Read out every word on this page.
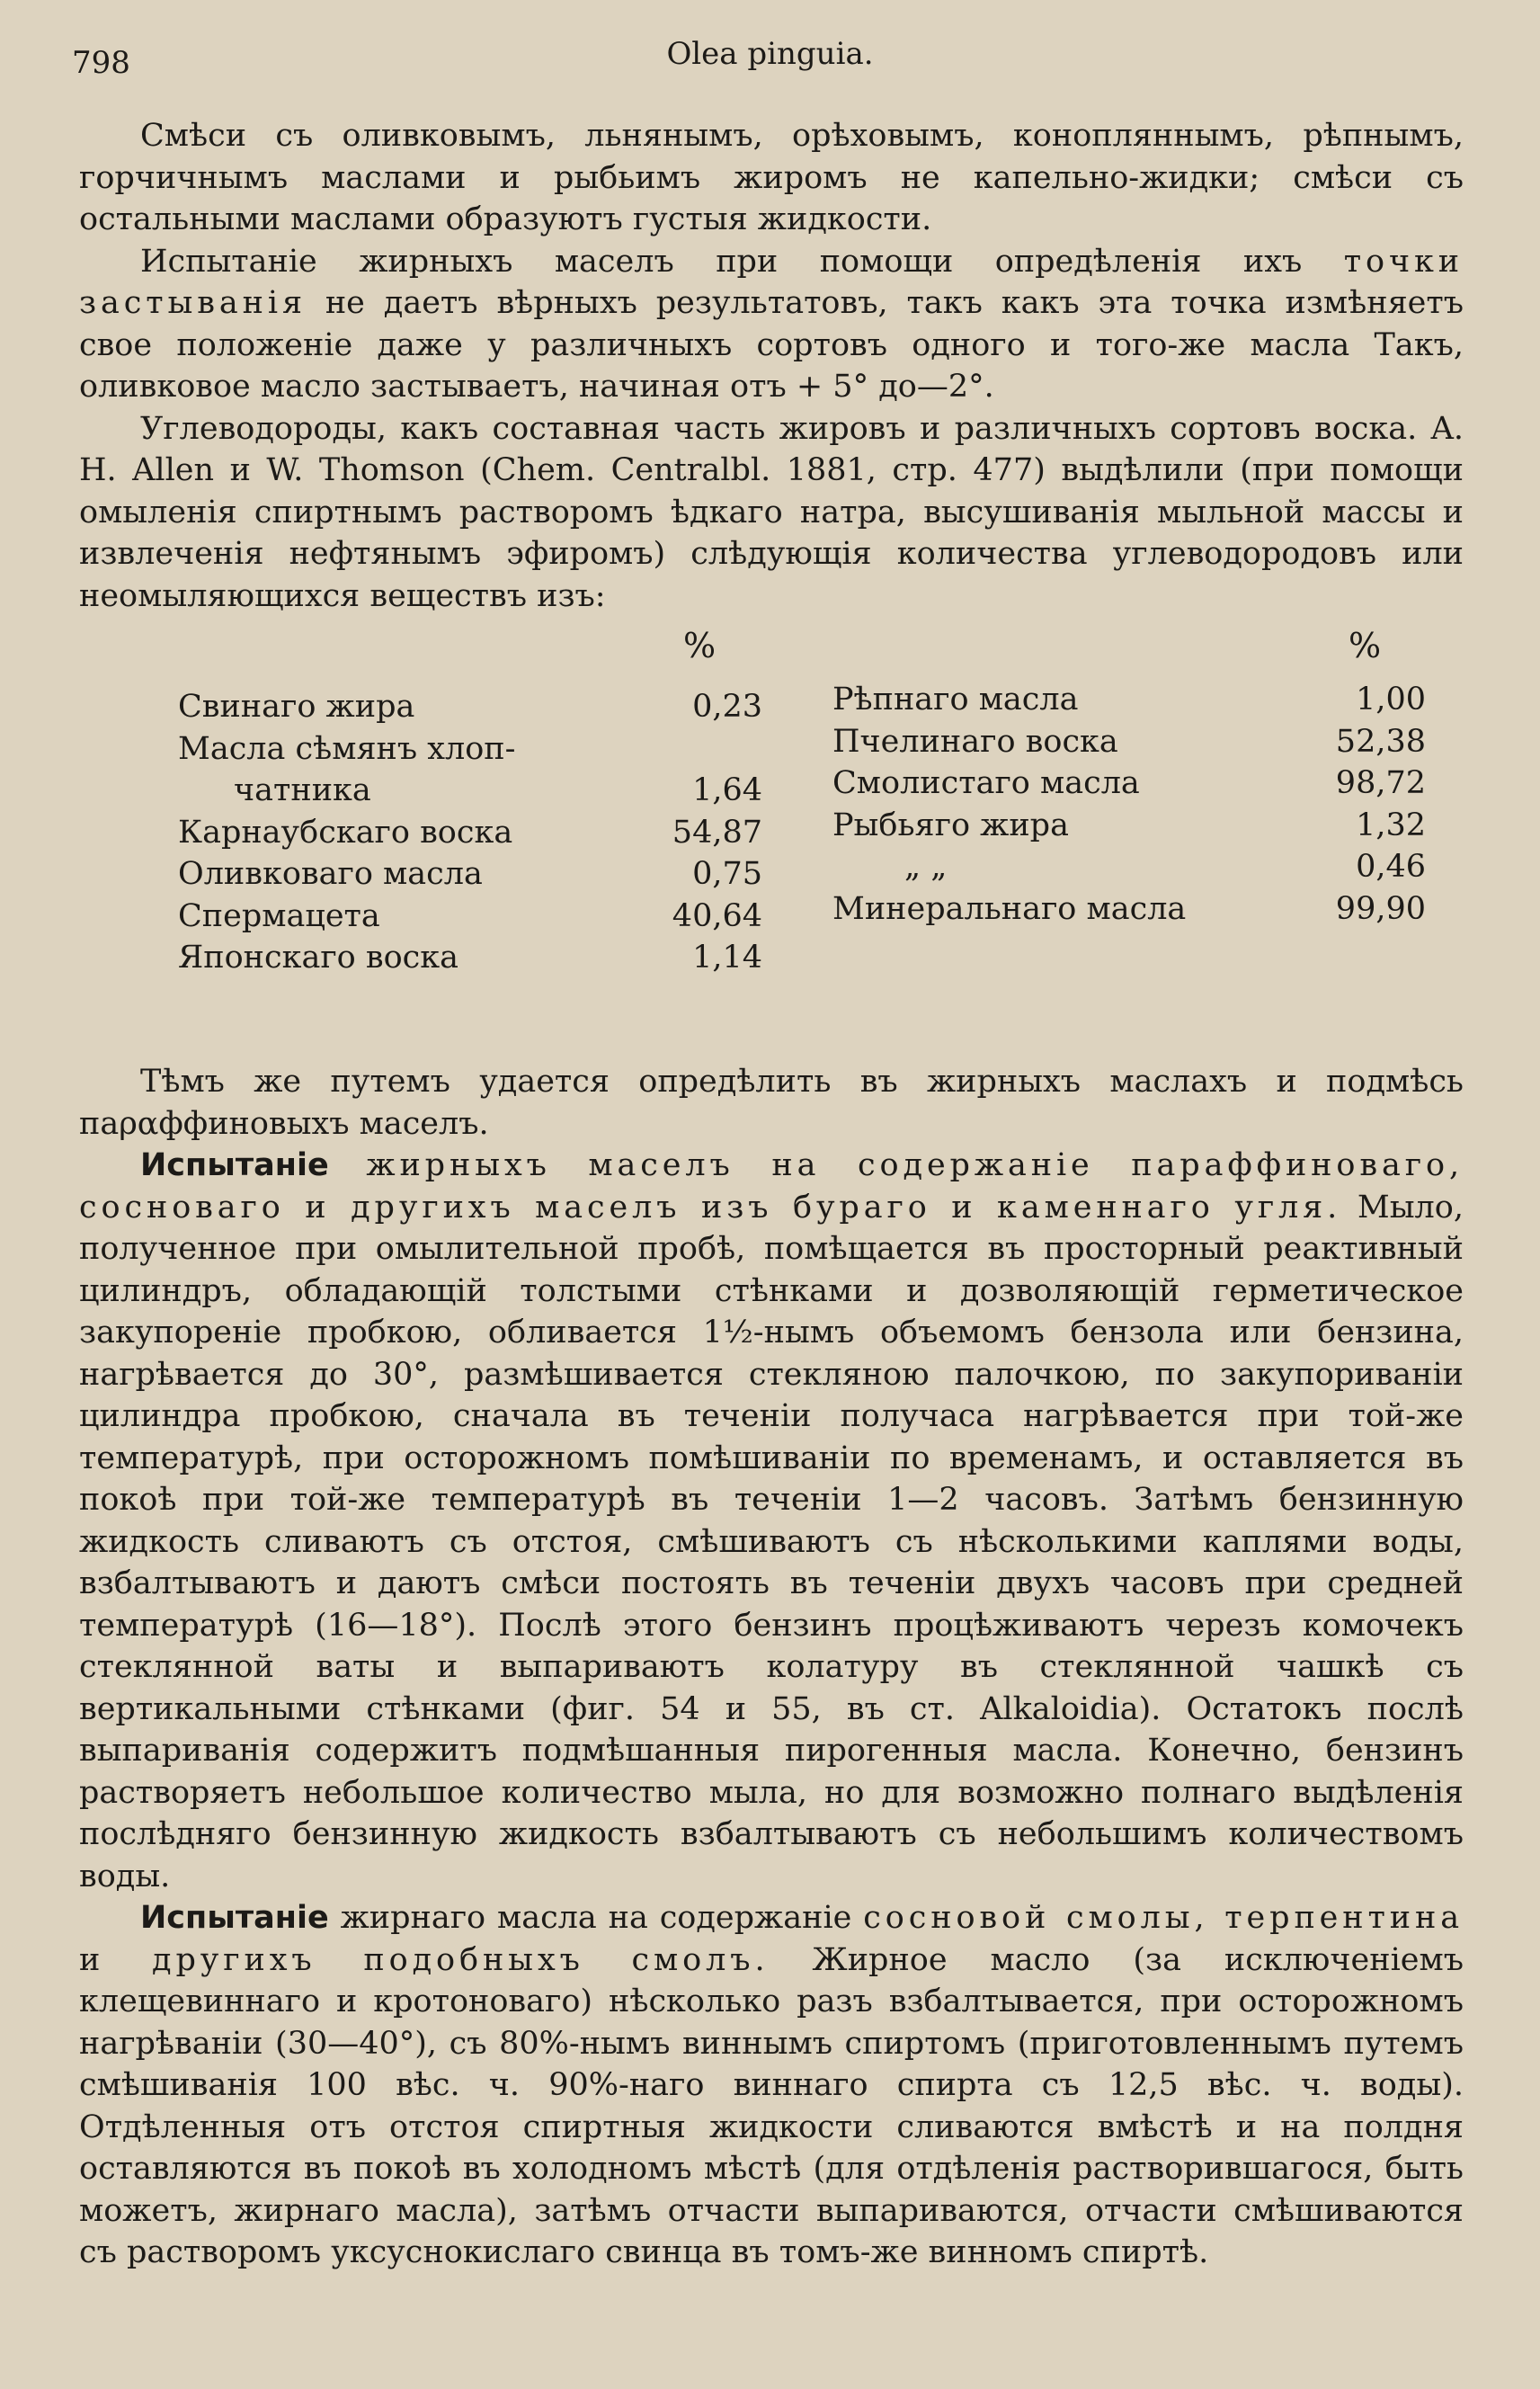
798	Olea pinguia.

Смѣси съ оливковымъ, льнянымъ, орѣховымъ, конопляннымъ, рѣпнымъ, горчичнымъ маслами и рыбьимъ жиромъ не капельно-жидки; смѣси съ остальными маслами образуютъ густыя жидкости.

Испытаніе жирныхъ маселъ при помощи опредѣленія ихъ точки застыванія не даетъ вѣрныхъ результатовъ, такъ какъ эта точка измѣняетъ свое положеніе даже у различныхъ сортовъ одного и того-же масла Такъ, оливковое масло застываетъ, начиная отъ + 5° до—2°.

Углеводороды, какъ составная часть жировъ и различныхъ сортовъ воска. A. H. Allen и W. Thomson (Chem. Centralbl. 1881, стр. 477) выдѣлили (при помощи омыленія спиртнымъ растворомъ ѣдкаго натра, высушиванія мыльной массы и извлеченія нефтянымъ эфиромъ) слѣдующія количества углеводородовъ или неомыляющихся веществъ изъ:

%	%
Свинаго жира	0,23
Масла сѣмянъ хлоп-
чатника	1,64
Карнаубскаго воска	54,87
Оливковаго масла	0,75
Спермацета	40,64
Японскаго воска	1,14
Рѣпнаго масла	1,00
Пчелинаго воска	52,38
Смолистаго масла	98,72
Рыбьяго жира	1,32
„ „	0,46
Минеральнаго масла	99,90

Тѣмъ же путемъ удается опредѣлить въ жирныхъ маслахъ и подмѣсь паραффиновыхъ маселъ.

Испытаніе жирныхъ маселъ на содержаніе параффиноваго, сосноваго и другихъ маселъ изъ бураго и каменнаго угля. Мыло, полученное при омылительной пробѣ, помѣщается въ просторный реактивный цилиндръ, обладающій толстыми стѣнками и дозволяющій герметическое закупореніе пробкою, обливается 1½-нымъ объемомъ бензола или бензина, нагрѣвается до 30°, размѣшивается стекляною палочкою, по закупориваніи цилиндра пробкою, сначала въ теченіи получаса нагрѣвается при той-же температурѣ, при осторожномъ помѣшиваніи по временамъ, и оставляется въ покоѣ при той-же температурѣ въ теченіи 1—2 часовъ. Затѣмъ бензинную жидкость сливаютъ съ отстоя, смѣшиваютъ съ нѣсколькими каплями воды, взбалтываютъ и даютъ смѣси постоять въ теченіи двухъ часовъ при средней температурѣ (16—18°). Послѣ этого бензинъ процѣживаютъ черезъ комочекъ стеклянной ваты и выпариваютъ колатуру въ стеклянной чашкѣ съ вертикальными стѣнками (фиг. 54 и 55, въ ст. Alkaloidia). Остатокъ послѣ выпариванія содержитъ подмѣшанныя пирогенныя масла. Конечно, бензинъ растворяетъ небольшое количество мыла, но для возможно полнаго выдѣленія послѣдняго бензинную жидкость взбалтываютъ съ небольшимъ количествомъ воды.

Испытаніе жирнаго масла на содержаніе сосновой смолы, терпентина и другихъ подобныхъ смолъ. Жирное масло (за исключеніемъ клещевиннаго и кротоноваго) нѣсколько разъ взбалтывается, при осторожномъ нагрѣваніи (30—40°), съ 80%-нымъ виннымъ спиртомъ (приготовленнымъ путемъ смѣшиванія 100 вѣс. ч. 90%-наго виннаго спирта съ 12,5 вѣс. ч. воды). Отдѣленныя отъ отстоя спиртныя жидкости сливаются вмѣстѣ и на полдня оставляются въ покоѣ въ холодномъ мѣстѣ (для отдѣленія растворившагося, быть можетъ, жирнаго масла), затѣмъ отчасти выпариваются, отчасти смѣшиваются съ растворомъ уксуснокислаго свинца въ томъ-же винномъ спиртѣ.
